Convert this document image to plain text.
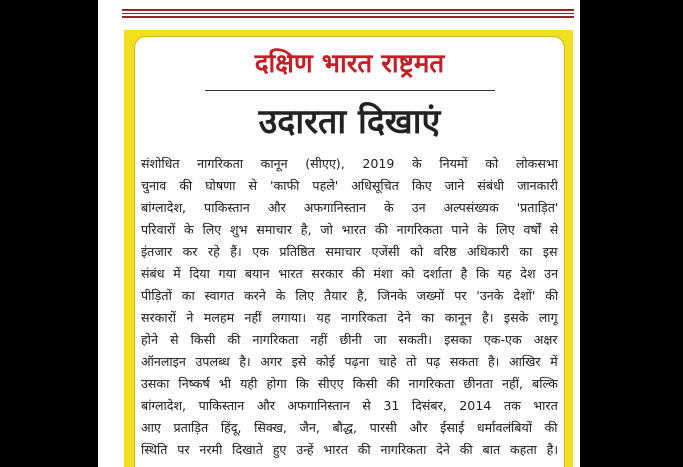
दक्षिण भारत राष्ट्रमत
उदारता दिखाएं
संशोधित नागरिकता कानून (सीएए), 2019 के नियमों को लोकसभा
चुनाव की घोषणा से 'काफी पहले' अधिसूचित किए जाने संबंधी जानकारी
बांग्लादेश, पाकिस्तान और अफगानिस्तान के उन अल्पसंख्यक 'प्रताड़ित'
परिवारों के लिए शुभ समाचार है, जो भारत की नागरिकता पाने के लिए वर्षों से
इंतजार कर रहे हैं। एक प्रतिष्ठित समाचार एजेंसी को वरिष्ठ अधिकारी का इस
संबंध में दिया गया बयान भारत सरकार की मंशा को दर्शाता है कि यह देश उन
पीड़ितों का स्वागत करने के लिए तैयार है, जिनके जख्मों पर 'उनके देशों' की
सरकारों ने मलहम नहीं लगाया। यह नागरिकता देने का कानून है। इसके लागू
होने से किसी की नागरिकता नहीं छीनी जा सकती। इसका एक-एक अक्षर
ऑनलाइन उपलब्ध है। अगर इसे कोई पढ़ना चाहे तो पढ़ सकता है। आखिर में
उसका निष्कर्ष भी यही होगा कि सीएए किसी की नागरिकता छीनता नहीं, बल्कि
बांग्लादेश, पाकिस्तान और अफगानिस्तान से 31 दिसंबर, 2014 तक भारत
आए प्रताड़ित हिंदू, सिक्ख, जैन, बौद्ध, पारसी और ईसाई धर्मावलंबियों की
स्थिति पर नरमी दिखाते हुए उन्हें भारत की नागरिकता देने की बात कहता है।
